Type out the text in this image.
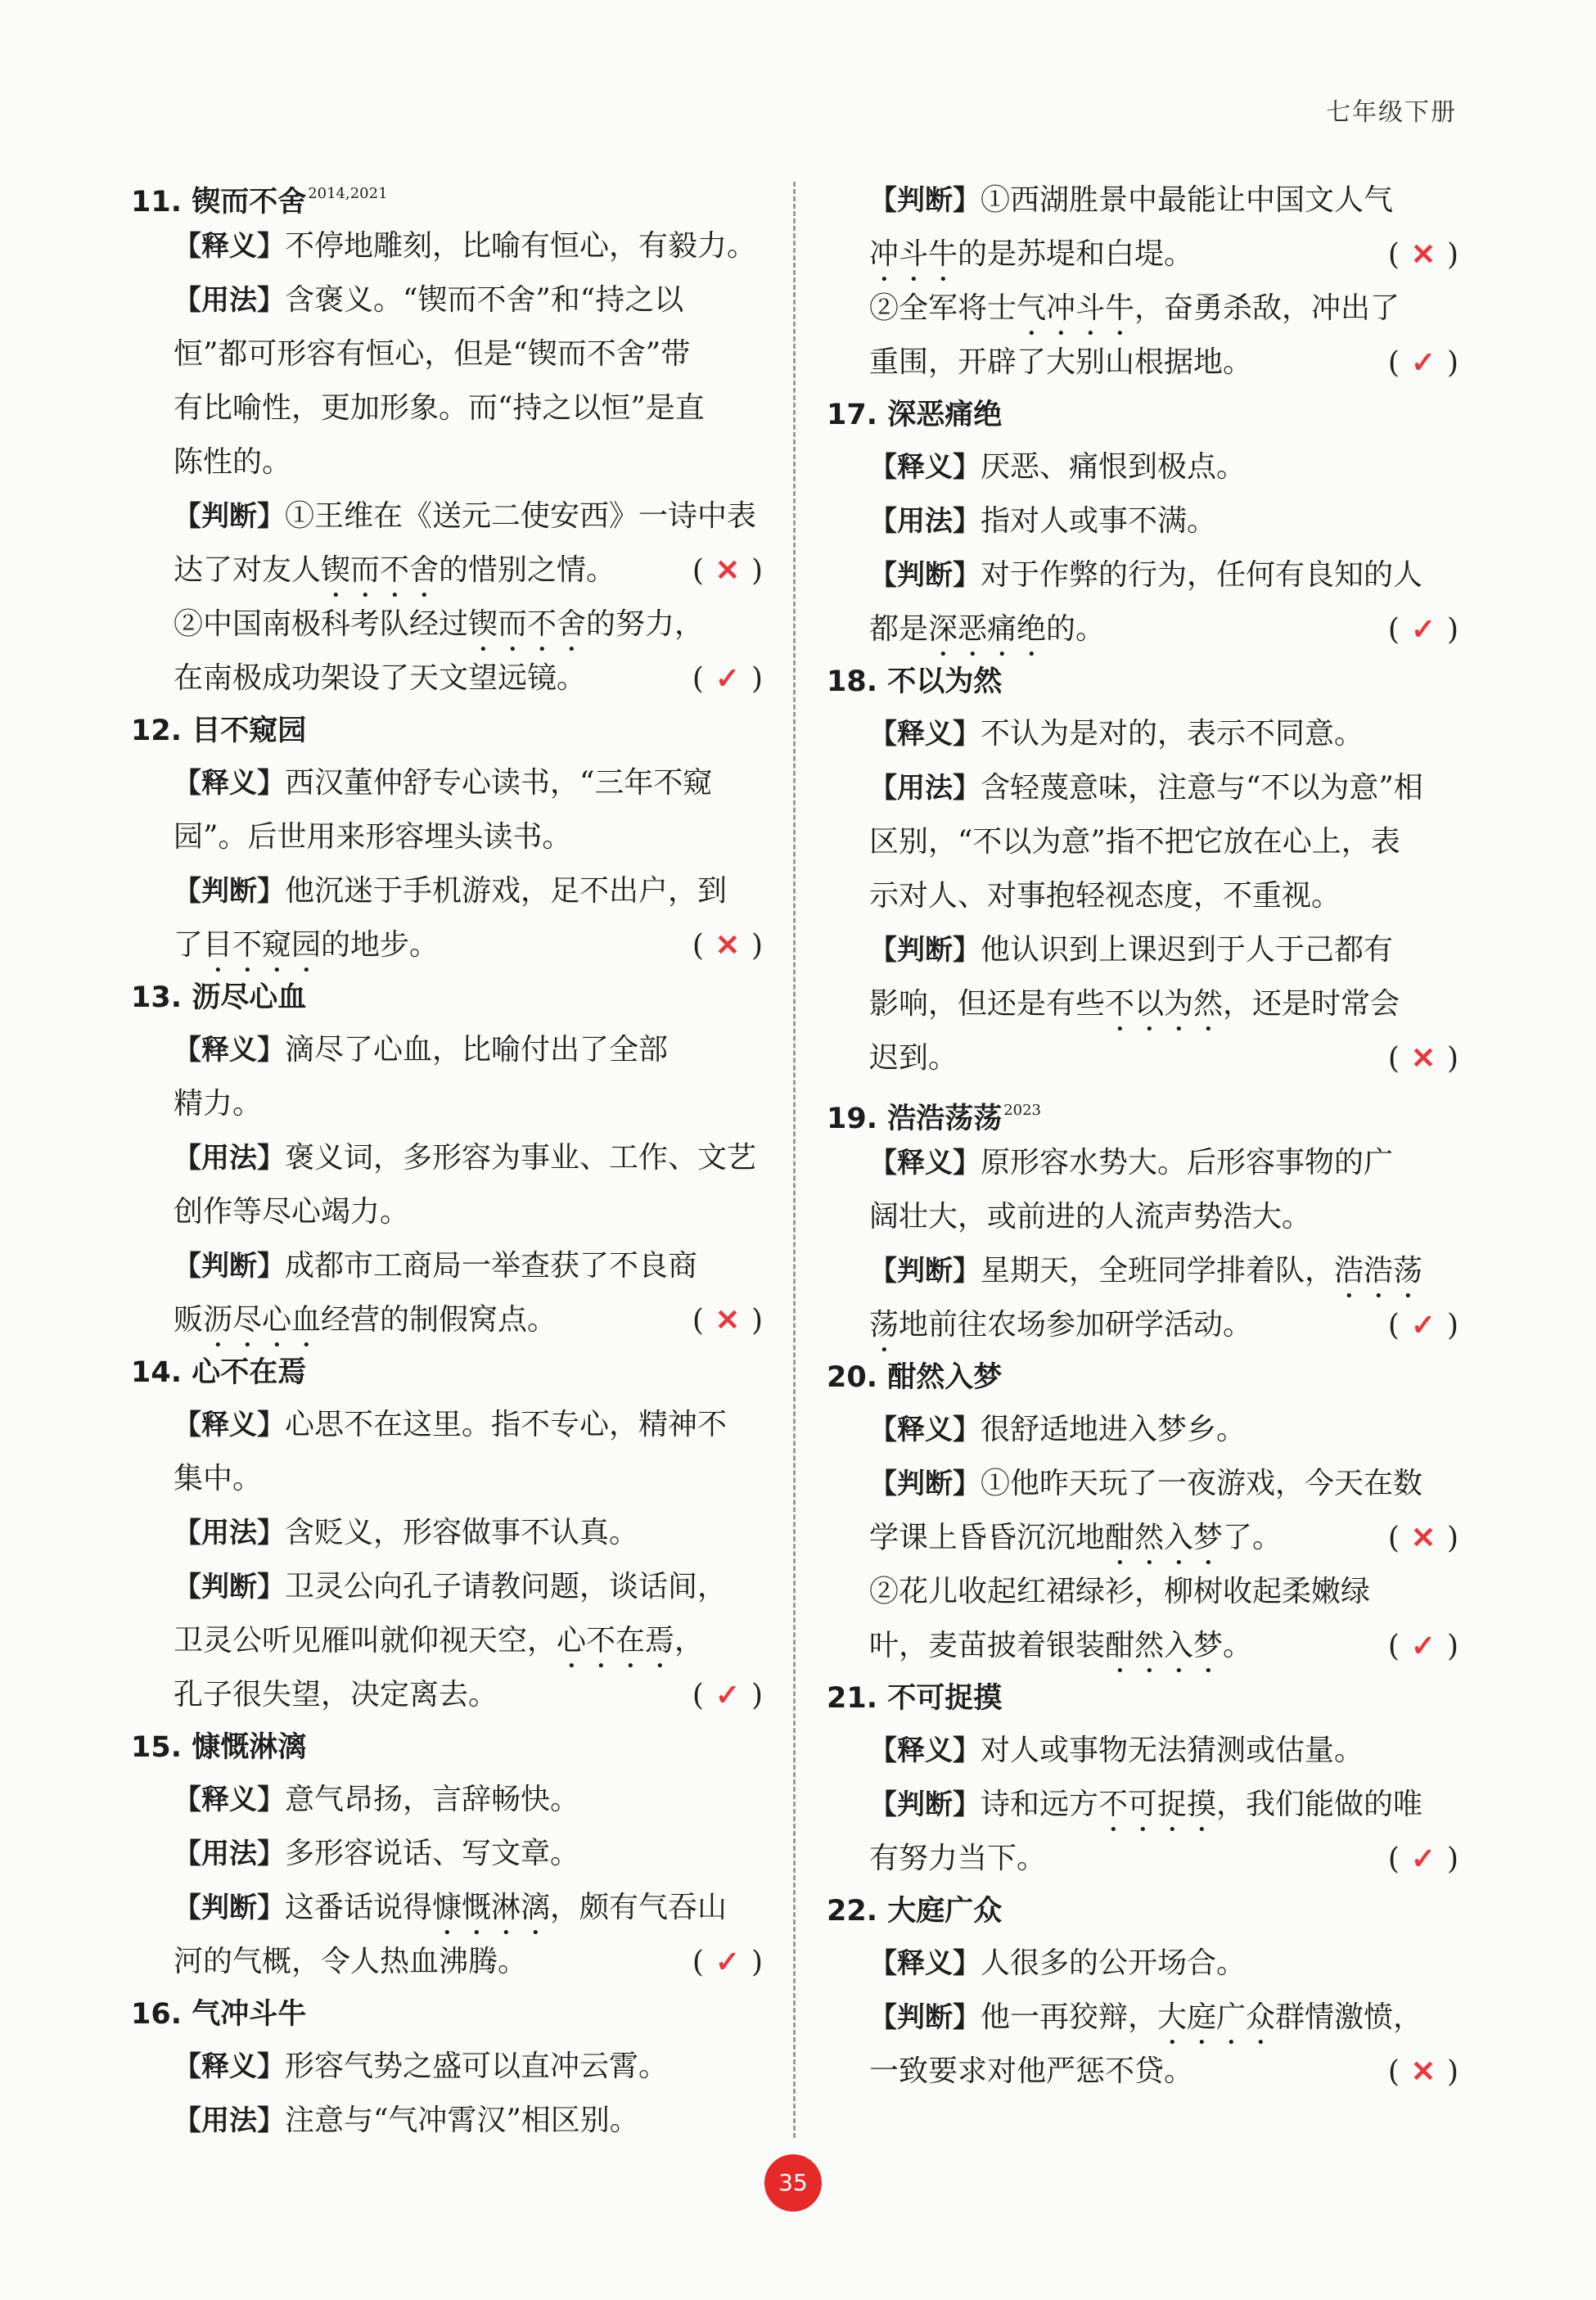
七年级下册
11. 锲而不舍 $^{2014,2021}$
【释义】不停地雕刻，比喻有恒心，有毅力。
【用法】含褒义。“锲而不舍”和“持之以
恒”都可形容有恒心，但是“锲而不舍”带
有比喻性，更加形象。而“持之以恒”是直
陈性的。
【判断】①王维在《送元二使安西》一诗中表
达了对友人锲而不舍的惜别之情。	( ✕ )
②中国南极科考队经过锲而不舍的努力，
在南极成功架设了天文望远镜。	( ✓ )
12. 目不窥园
【释义】西汉董仲舒专心读书，“三年不窥
园”。后世用来形容埋头读书。
【判断】他沉迷于手机游戏，足不出户，到
了目不窥园的地步。	( ✕ )
13. 沥尽心血
【释义】滴尽了心血，比喻付出了全部
精力。
【用法】褒义词，多形容为事业、工作、文艺
创作等尽心竭力。
【判断】成都市工商局一举查获了不良商
贩沥尽心血经营的制假窝点。	( ✕ )
14. 心不在焉
【释义】心思不在这里。指不专心，精神不
集中。
【用法】含贬义，形容做事不认真。
【判断】卫灵公向孔子请教问题，谈话间，
卫灵公听见雁叫就仰视天空，心不在焉，
孔子很失望，决定离去。	( ✓ )
15. 慷慨淋漓
【释义】意气昂扬，言辞畅快。
【用法】多形容说话、写文章。
【判断】这番话说得慷慨淋漓，颇有气吞山
河的气概，令人热血沸腾。	( ✓ )
16. 气冲斗牛
【释义】形容气势之盛可以直冲云霄。
【用法】注意与“气冲霄汉”相区别。
【判断】①西湖胜景中最能让中国文人气
冲斗牛的是苏堤和白堤。	( ✕ )
②全军将士气冲斗牛，奋勇杀敌，冲出了
重围，开辟了大别山根据地。	( ✓ )
17. 深恶痛绝
【释义】厌恶、痛恨到极点。
【用法】指对人或事不满。
【判断】对于作弊的行为，任何有良知的人
都是深恶痛绝的。	( ✓ )
18. 不以为然
【释义】不认为是对的，表示不同意。
【用法】含轻蔑意味，注意与“不以为意”相
区别，“不以为意”指不把它放在心上，表
示对人、对事抱轻视态度，不重视。
【判断】他认识到上课迟到于人于己都有
影响，但还是有些不以为然，还是时常会
迟到。	( ✕ )
19. 浩浩荡荡 $^{2023}$
【释义】原形容水势大。后形容事物的广
阔壮大，或前进的人流声势浩大。
【判断】星期天，全班同学排着队，浩浩荡
荡地前往农场参加研学活动。	( ✓ )
20. 酣然入梦
【释义】很舒适地进入梦乡。
【判断】①他昨天玩了一夜游戏，今天在数
学课上昏昏沉沉地酣然入梦了。	( ✕ )
②花儿收起红裙绿衫，柳树收起柔嫩绿
叶，麦苗披着银装酣然入梦。	( ✓ )
21. 不可捉摸
【释义】对人或事物无法猜测或估量。
【判断】诗和远方不可捉摸，我们能做的唯
有努力当下。	( ✓ )
22. 大庭广众
【释义】人很多的公开场合。
【判断】他一再狡辩，大庭广众群情激愤，
一致要求对他严惩不贷。	( ✕ )
35
